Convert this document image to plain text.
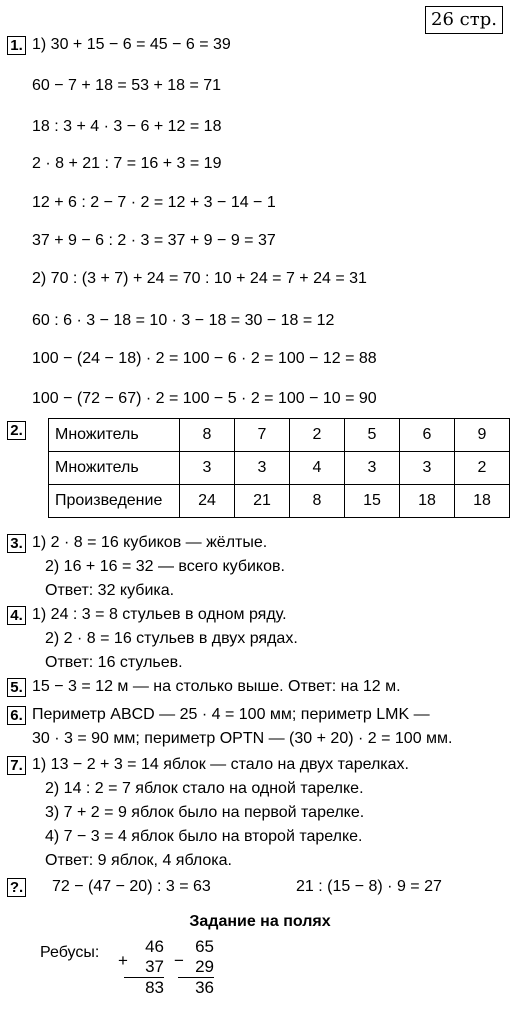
26 стр.
1. 1) 30 + 15 − 6 = 45 − 6 = 39
60 − 7 + 18 = 53 + 18 = 71
18 : 3 + 4 · 3 − 6 + 12 = 18
2 · 8 + 21 : 7 = 16 + 3 = 19
12 + 6 : 2 − 7 · 2 = 12 + 3 − 14 − 1
37 + 9 − 6 : 2 · 3 = 37 + 9 − 9 = 37
2) 70 : (3 + 7) + 24 = 70 : 10 + 24 = 7 + 24 = 31
60 : 6 · 3 − 18 = 10 · 3 − 18 = 30 − 18 = 12
100 − (24 − 18) · 2 = 100 − 6 · 2 = 100 − 12 = 88
100 − (72 − 67) · 2 = 100 − 5 · 2 = 100 − 10 = 90
2. Множитель	8	7	2	5	6	9
Множитель	3	3	4	3	3	2
Произведение	24	21	8	15	18	18
3. 1) 2 · 8 = 16 кубиков — жёлтые.
2) 16 + 16 = 32 — всего кубиков.
Ответ: 32 кубика.
4. 1) 24 : 3 = 8 стульев в одном ряду.
2) 2 · 8 = 16 стульев в двух рядах.
Ответ: 16 стульев.
5. 15 − 3 = 12 м — на столько выше. Ответ: на 12 м.
6. Периметр ABCD — 25 · 4 = 100 мм; периметр LMK —
30 · 3 = 90 мм; периметр OPTN — (30 + 20) · 2 = 100 мм.
7. 1) 13 − 2 + 3 = 14 яблок — стало на двух тарелках.
2) 14 : 2 = 7 яблок стало на одной тарелке.
3) 7 + 2 = 9 яблок было на первой тарелке.
4) 7 − 3 = 4 яблок было на второй тарелке.
Ответ: 9 яблок, 4 яблока.
?. 72 − (47 − 20) : 3 = 63	21 : (15 − 8) · 9 = 27
Задание на полях
Ребусы:	46
+ 37
83
65
− 29
36
